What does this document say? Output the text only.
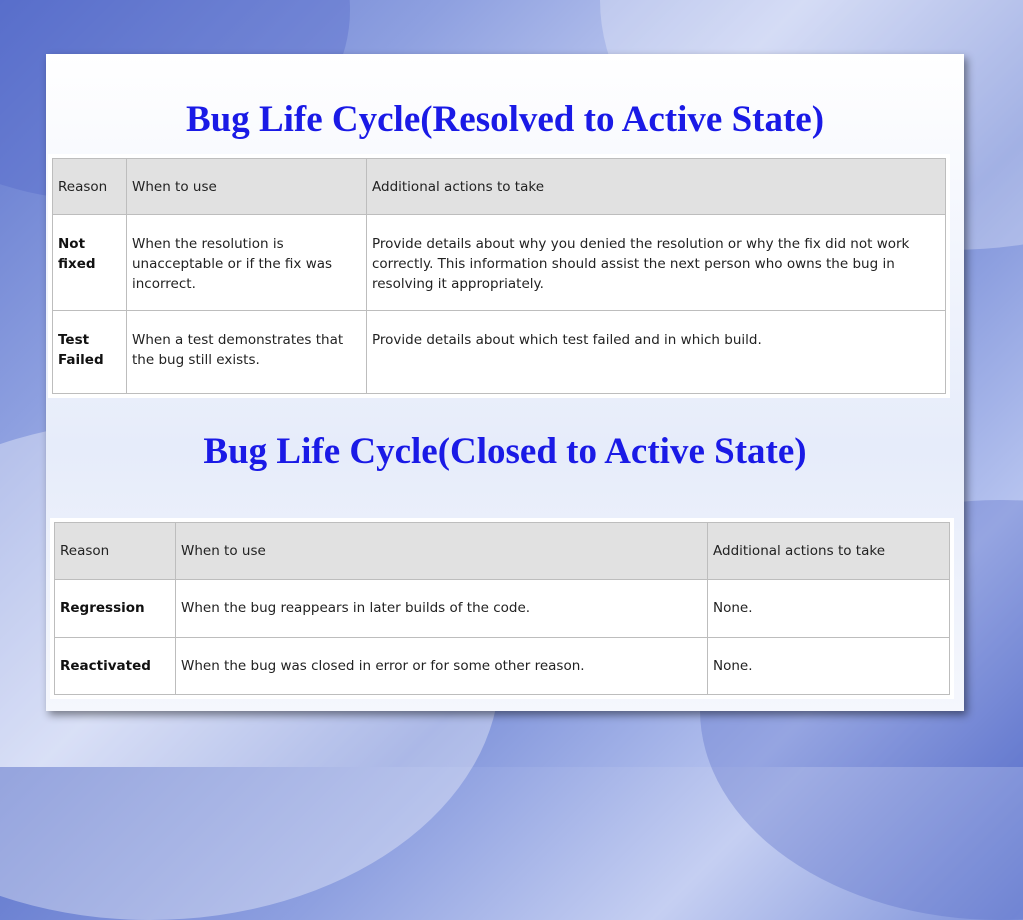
Bug Life Cycle(Resolved to Active State)
Reason	When to use	Additional actions to take
Not fixed	When the resolution is unacceptable or if the fix was incorrect.	Provide details about why you denied the resolution or why the fix did not work correctly. This information should assist the next person who owns the bug in resolving it appropriately.
Test Failed	When a test demonstrates that the bug still exists.	Provide details about which test failed and in which build.
Bug Life Cycle(Closed to Active State)
Reason	When to use	Additional actions to take
Regression	When the bug reappears in later builds of the code.	None.
Reactivated	When the bug was closed in error or for some other reason.	None.
